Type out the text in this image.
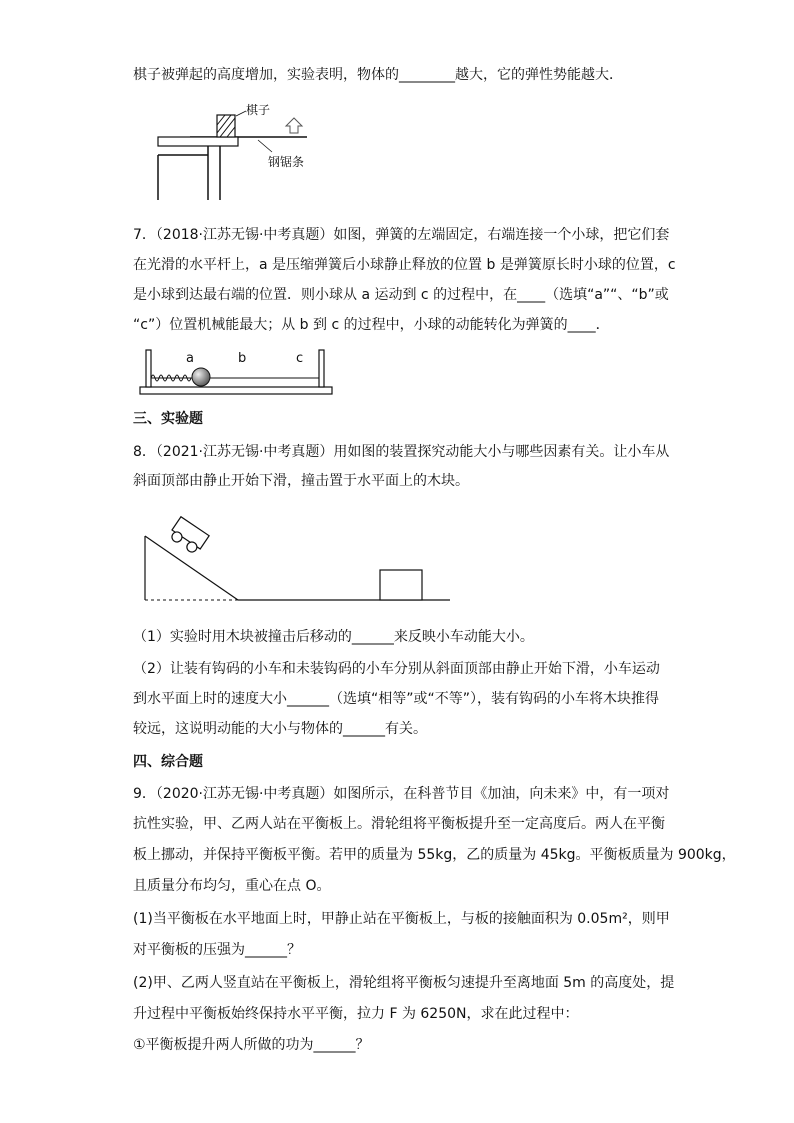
棋子被弹起的高度增加，实验表明，物体的________越大，它的弹性势能越大．
棋子
钢锯条
7．（2018·江苏无锡·中考真题）如图，弹簧的左端固定，右端连接一个小球，把它们套
在光滑的水平杆上，a 是压缩弹簧后小球静止释放的位置 b 是弹簧原长时小球的位置，c
是小球到达最右端的位置．则小球从 a 运动到 c 的过程中，在____（选填“a”“、“b”或
“c”）位置机械能最大；从 b 到 c 的过程中，小球的动能转化为弹簧的____．
a	b	c
三、实验题
8．（2021·江苏无锡·中考真题）用如图的装置探究动能大小与哪些因素有关。让小车从
斜面顶部由静止开始下滑，撞击置于水平面上的木块。
（1）实验时用木块被撞击后移动的______来反映小车动能大小。
（2）让装有钩码的小车和未装钩码的小车分别从斜面顶部由静止开始下滑，小车运动
到水平面上时的速度大小______（选填“相等”或“不等”），装有钩码的小车将木块推得
较远，这说明动能的大小与物体的______有关。
四、综合题
9．（2020·江苏无锡·中考真题）如图所示，在科普节目《加油，向未来》中，有一项对
抗性实验，甲、乙两人站在平衡板上。滑轮组将平衡板提升至一定高度后。两人在平衡
板上挪动，并保持平衡板平衡。若甲的质量为 55kg，乙的质量为 45kg。平衡板质量为 900kg，
且质量分布均匀，重心在点 O。
(1)当平衡板在水平地面上时，甲静止站在平衡板上，与板的接触面积为 0.05m²，则甲
对平衡板的压强为______？
(2)甲、乙两人竖直站在平衡板上，滑轮组将平衡板匀速提升至离地面 5m 的高度处，提
升过程中平衡板始终保持水平平衡，拉力 F 为 6250N，求在此过程中：
①平衡板提升两人所做的功为______？
